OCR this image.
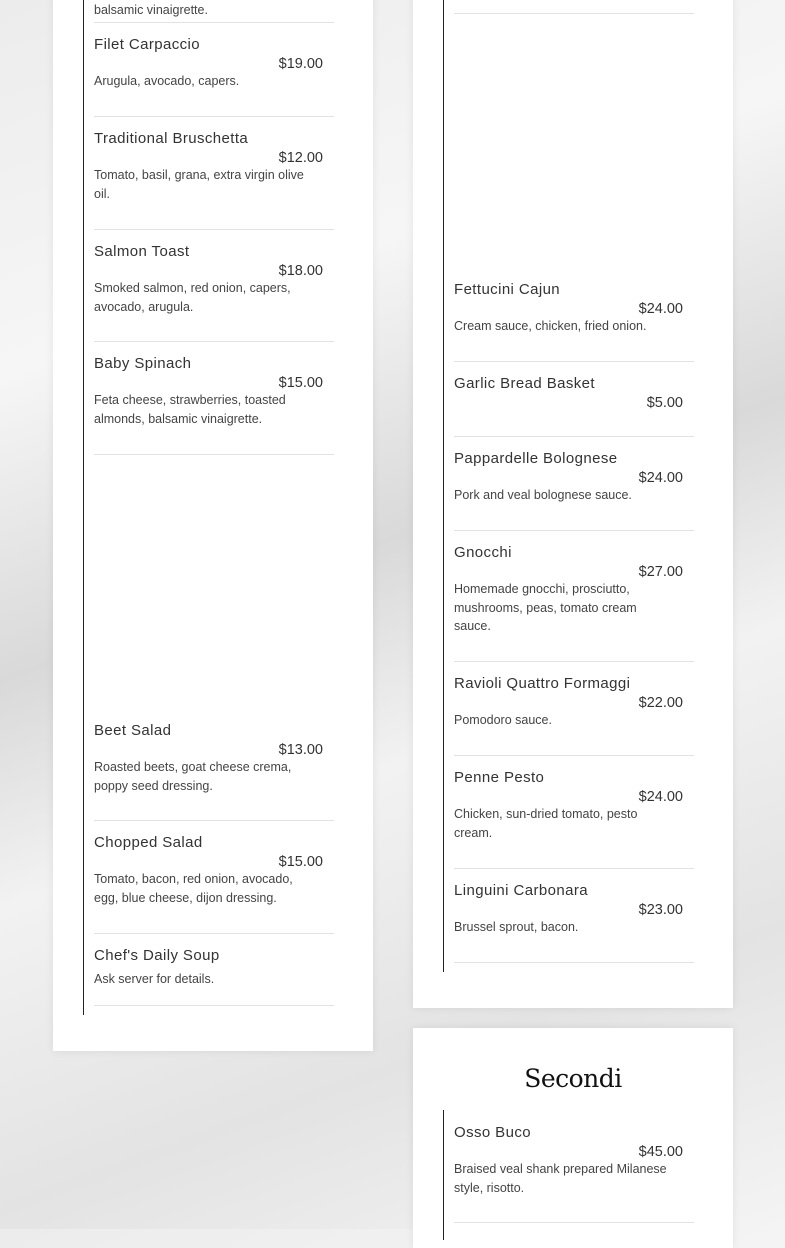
balsamic vinaigrette.
Secondi
Filet Carpaccio
$19.00
Arugula, avocado, capers.
Traditional Bruschetta
$12.00
Tomato, basil, grana, extra virgin olive oil.
Salmon Toast
$18.00
Smoked salmon, red onion, capers, avocado, arugula.
Baby Spinach
$15.00
Feta cheese, strawberries, toasted almonds, balsamic vinaigrette.
Beet Salad
$13.00
Roasted beets, goat cheese crema, poppy seed dressing.
Chopped Salad
$15.00
Tomato, bacon, red onion, avocado, egg, blue cheese, dijon dressing.
Chef's Daily Soup
Ask server for details.
Fettucini Cajun
$24.00
Cream sauce, chicken, fried onion.
Garlic Bread Basket
$5.00
Pappardelle Bolognese
$24.00
Pork and veal bolognese sauce.
Gnocchi
$27.00
Homemade gnocchi, prosciutto, mushrooms, peas, tomato cream sauce.
Ravioli Quattro Formaggi
$22.00
Pomodoro sauce.
Penne Pesto
$24.00
Chicken, sun-dried tomato, pesto cream.
Linguini Carbonara
$23.00
Brussel sprout, bacon.
Osso Buco
$45.00
Braised veal shank prepared Milanese style, risotto.
